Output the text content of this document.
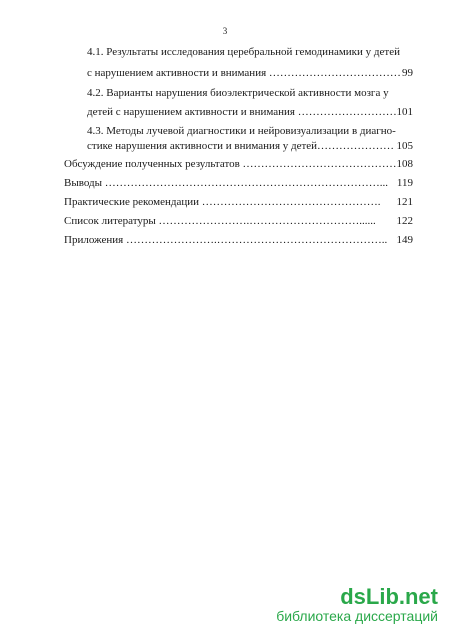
3
4.1. Результаты исследования церебральной гемодинамики у детей
с нарушением активности и внимания ……………………………… 99
4.2. Варианты нарушения биоэлектрической активности мозга у
детей с нарушением активности и внимания ……………………… 101
4.3. Методы лучевой диагностики и нейровизуализации в диагно-
стике нарушения активности и внимания у детей………………… 105
Обсуждение полученных результатов …………………………………… 108
Выводы …………………………………………………………………... 119
Практические рекомендации ………………………………………….	121
Список литературы …………………….…………………………......	122
Приложения …………………….……………………………………….. 149
dsLib.net
библиотека диссертаций
